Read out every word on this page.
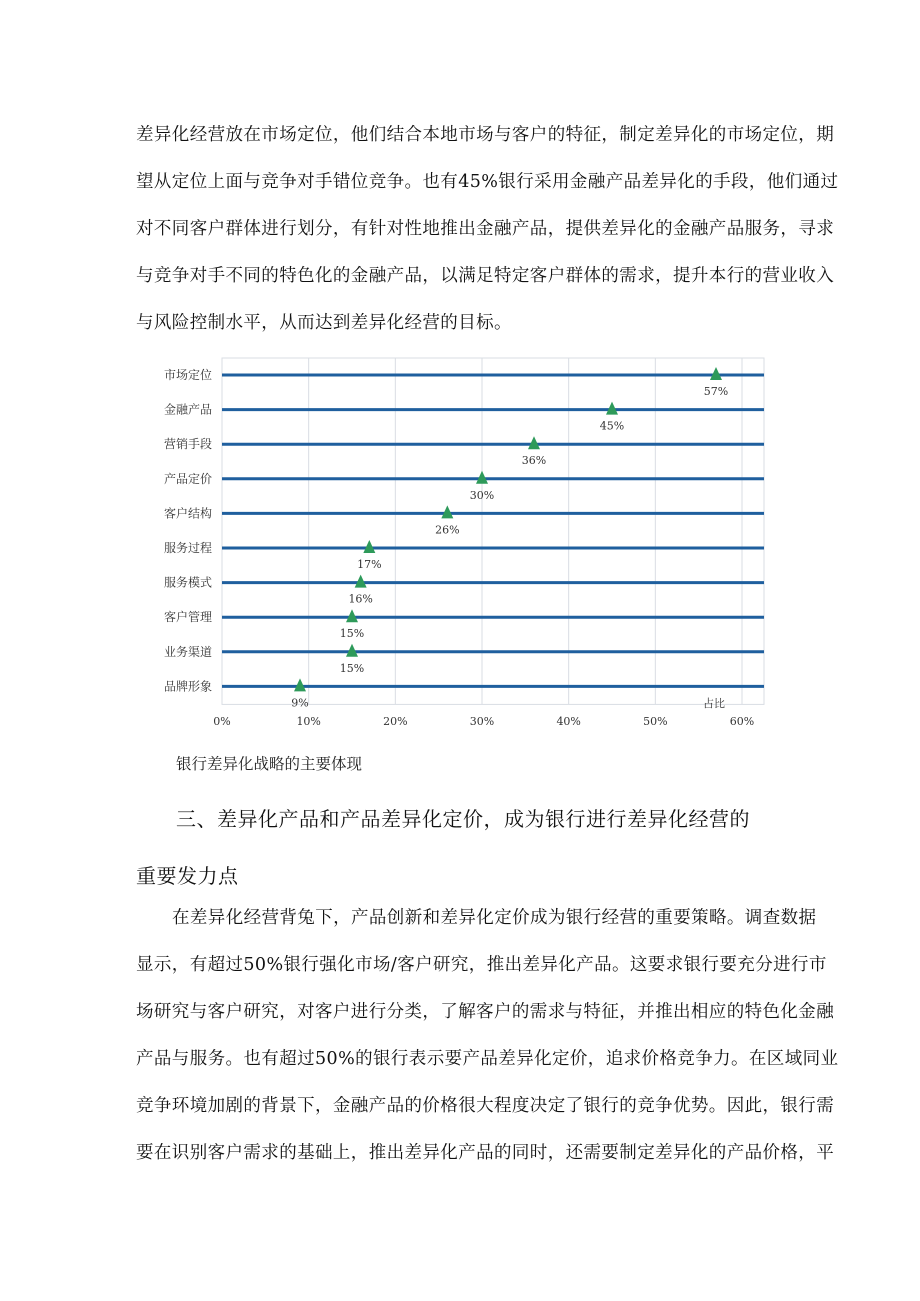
差异化经营放在市场定位，他们结合本地市场与客户的特征，制定差异化的市场定位，期
望从定位上面与竞争对手错位竞争。也有45%银行采用金融产品差异化的手段，他们通过
对不同客户群体进行划分，有针对性地推出金融产品，提供差异化的金融产品服务，寻求
与竞争对手不同的特色化的金融产品，以满足特定客户群体的需求，提升本行的营业收入
与风险控制水平，从而达到差异化经营的目标。
市场定位
57%
金融产品
45%
营销手段
36%
产品定价
30%
客户结构
26%
服务过程
17%
服务模式
16%
客户管理
15%
业务渠道
15%
品牌形象
9%
0%	10%	20%	30%	40%	50%	60%
占比

银行差异化战略的主要体现

三、差异化产品和产品差异化定价，成为银行进行差异化经营的
重要发力点
在差异化经营背兔下，产品创新和差异化定价成为银行经营的重要策略。调查数据
显示，有超过50%银行强化市场/客户研究，推出差异化产品。这要求银行要充分进行市
场研究与客户研究，对客户进行分类，了解客户的需求与特征，并推出相应的特色化金融
产品与服务。也有超过50%的银行表示要产品差异化定价，追求价格竞争力。在区域同业
竞争环境加剧的背景下，金融产品的价格很大程度决定了银行的竞争优势。因此，银行需
要在识别客户需求的基础上，推出差异化产品的同时，还需要制定差异化的产品价格，平
